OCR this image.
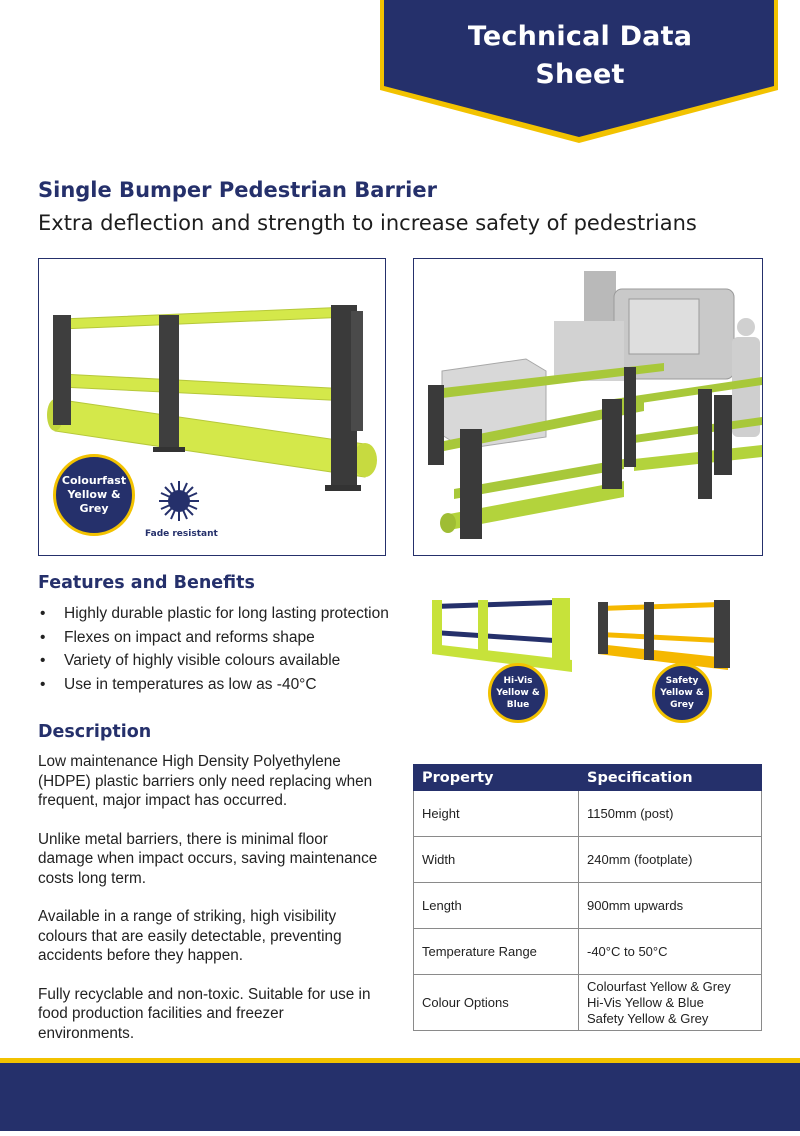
Technical Data
Sheet
Single Bumper Pedestrian Barrier
Extra deflection and strength to increase safety of pedestrians
Colourfast Yellow & Grey
Fade resistant
Features and Benefits
• Highly durable plastic for long lasting protection
• Flexes on impact and reforms shape
• Variety of highly visible colours available
• Use in temperatures as low as -40°C	Hi-Vis Yellow & Blue
Safety Yellow & Grey
Description

Low maintenance High Density Polyethylene (HDPE) plastic barriers only need replacing when frequent, major impact has occurred.

Unlike metal barriers, there is minimal floor damage when impact occurs, saving maintenance costs long term.

Available in a range of striking, high visibility colours that are easily detectable, preventing accidents before they happen.

Fully recyclable and non-toxic. Suitable for use in food production facilities and freezer environments.

Property	Specification
Height	1150mm (post)
Width	240mm (footplate)
Length	900mm upwards
Temperature Range	-40°C to 50°C
Colour Options	Colourfast Yellow & Grey
Hi-Vis Yellow & Blue
Safety Yellow & Grey
